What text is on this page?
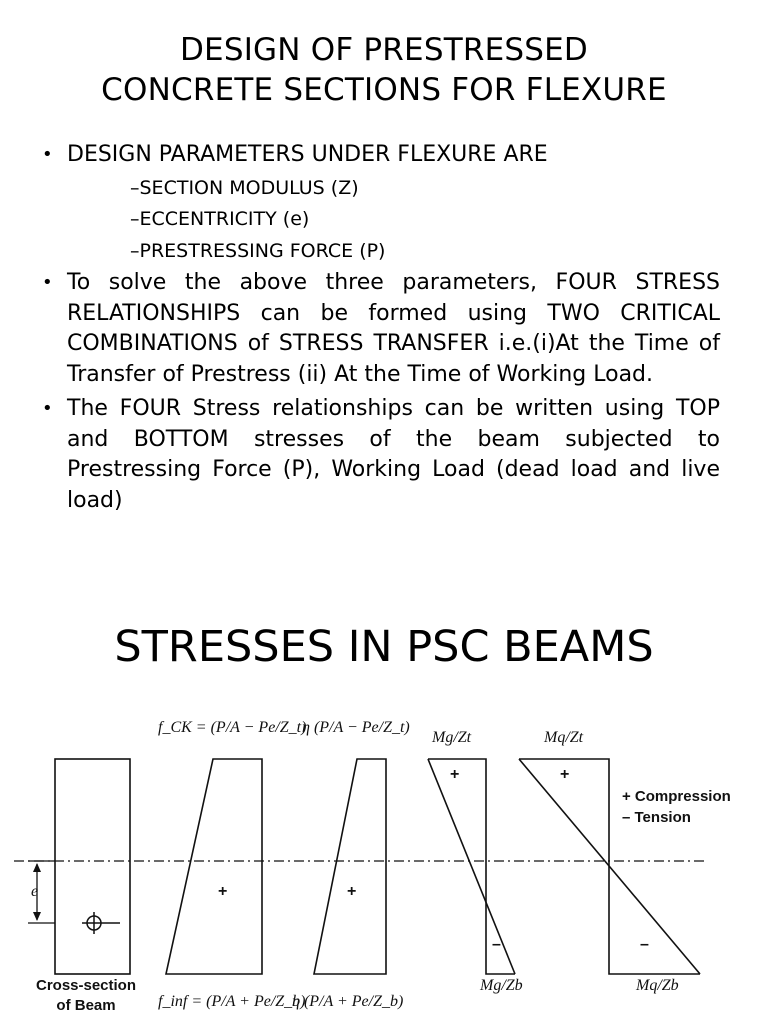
DESIGN OF PRESTRESSED
CONCRETE SECTIONS FOR FLEXURE
• DESIGN PARAMETERS UNDER FLEXURE ARE
–SECTION MODULUS (Z)
–ECCENTRICITY (e)
–PRESTRESSING FORCE (P)
• To solve the above three parameters, FOUR STRESS RELATIONSHIPS can be formed using TWO CRITICAL COMBINATIONS of STRESS TRANSFER i.e.(i)At the Time of Transfer of Prestress (ii) At the Time of Working Load.
• The FOUR Stress relationships can be written using TOP and BOTTOM stresses of the beam subjected to Prestressing Force (P), Working Load (dead load and live load)
STRESSES IN PSC BEAMS
f_CK = (P/A − Pe/Z_t)
η (P/A − Pe/Z_t)
Mg/Zt	Mq/Zt
e	+	+
+
–
+
–
+ Compression
– Tension
Mg/Zb	Mq/Zb
Cross-section
of Beam	f_inf = (P/A + Pe/Z_b)
η (P/A + Pe/Z_b)
